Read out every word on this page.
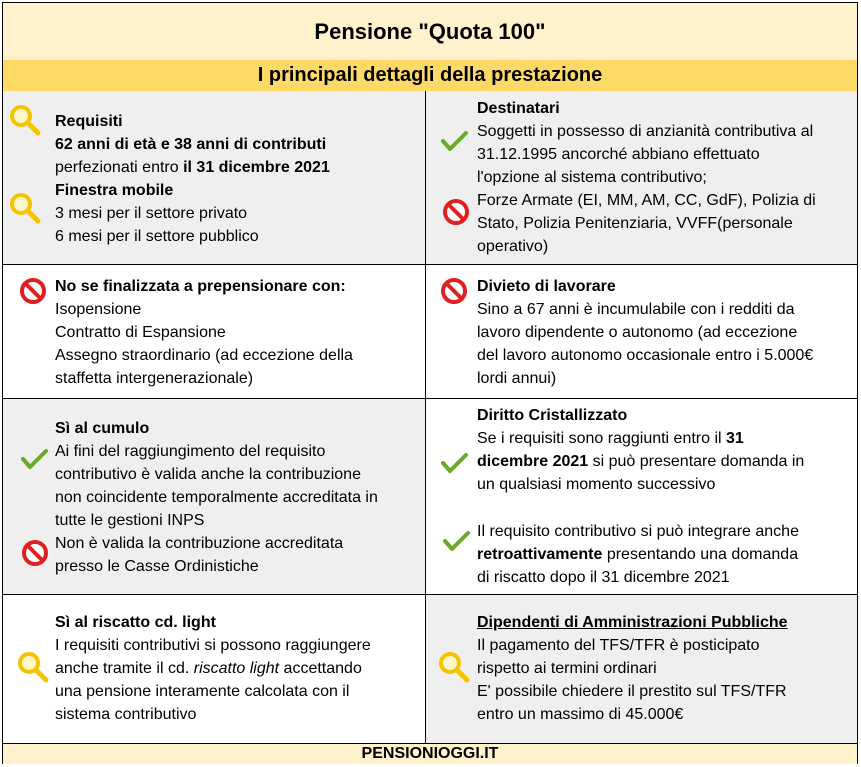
Pensione "Quota 100"
I principali dettagli della prestazione
Requisiti
62 anni di età e 38 anni di contributi
perfezionati entro il 31 dicembre 2021
Finestra mobile
3 mesi per il settore privato
6 mesi per il settore pubblico
Destinatari
Soggetti in possesso di anzianità contributiva al
31.12.1995 ancorché abbiano effettuato
l'opzione al sistema contributivo;
Forze Armate (EI, MM, AM, CC, GdF), Polizia di
Stato, Polizia Penitenziaria, VVFF(personale
operativo)
No se finalizzata a prepensionare con:
Isopensione
Contratto di Espansione
Assegno straordinario (ad eccezione della
staffetta intergenerazionale)
Divieto di lavorare
Sino a 67 anni è incumulabile con i redditi da
lavoro dipendente o autonomo (ad eccezione
del lavoro autonomo occasionale entro i 5.000€
lordi annui)
Sì al cumulo
Ai fini del raggiungimento del requisito
contributivo è valida anche la contribuzione
non coincidente temporalmente accreditata in
tutte le gestioni INPS
Non è valida la contribuzione accreditata
presso le Casse Ordinistiche
Diritto Cristallizzato
Se i requisiti sono raggiunti entro il 31
dicembre 2021 si può presentare domanda in
un qualsiasi momento successivo
Il requisito contributivo si può integrare anche
retroattivamente presentando una domanda
di riscatto dopo il 31 dicembre 2021
Sì al riscatto cd. light
I requisiti contributivi si possono raggiungere
anche tramite il cd. riscatto light accettando
una pensione interamente calcolata con il
sistema contributivo
Dipendenti di Amministrazioni Pubbliche
Il pagamento del TFS/TFR è posticipato
rispetto ai termini ordinari
E' possibile chiedere il prestito sul TFS/TFR
entro un massimo di 45.000€
PENSIONIOGGI.IT
